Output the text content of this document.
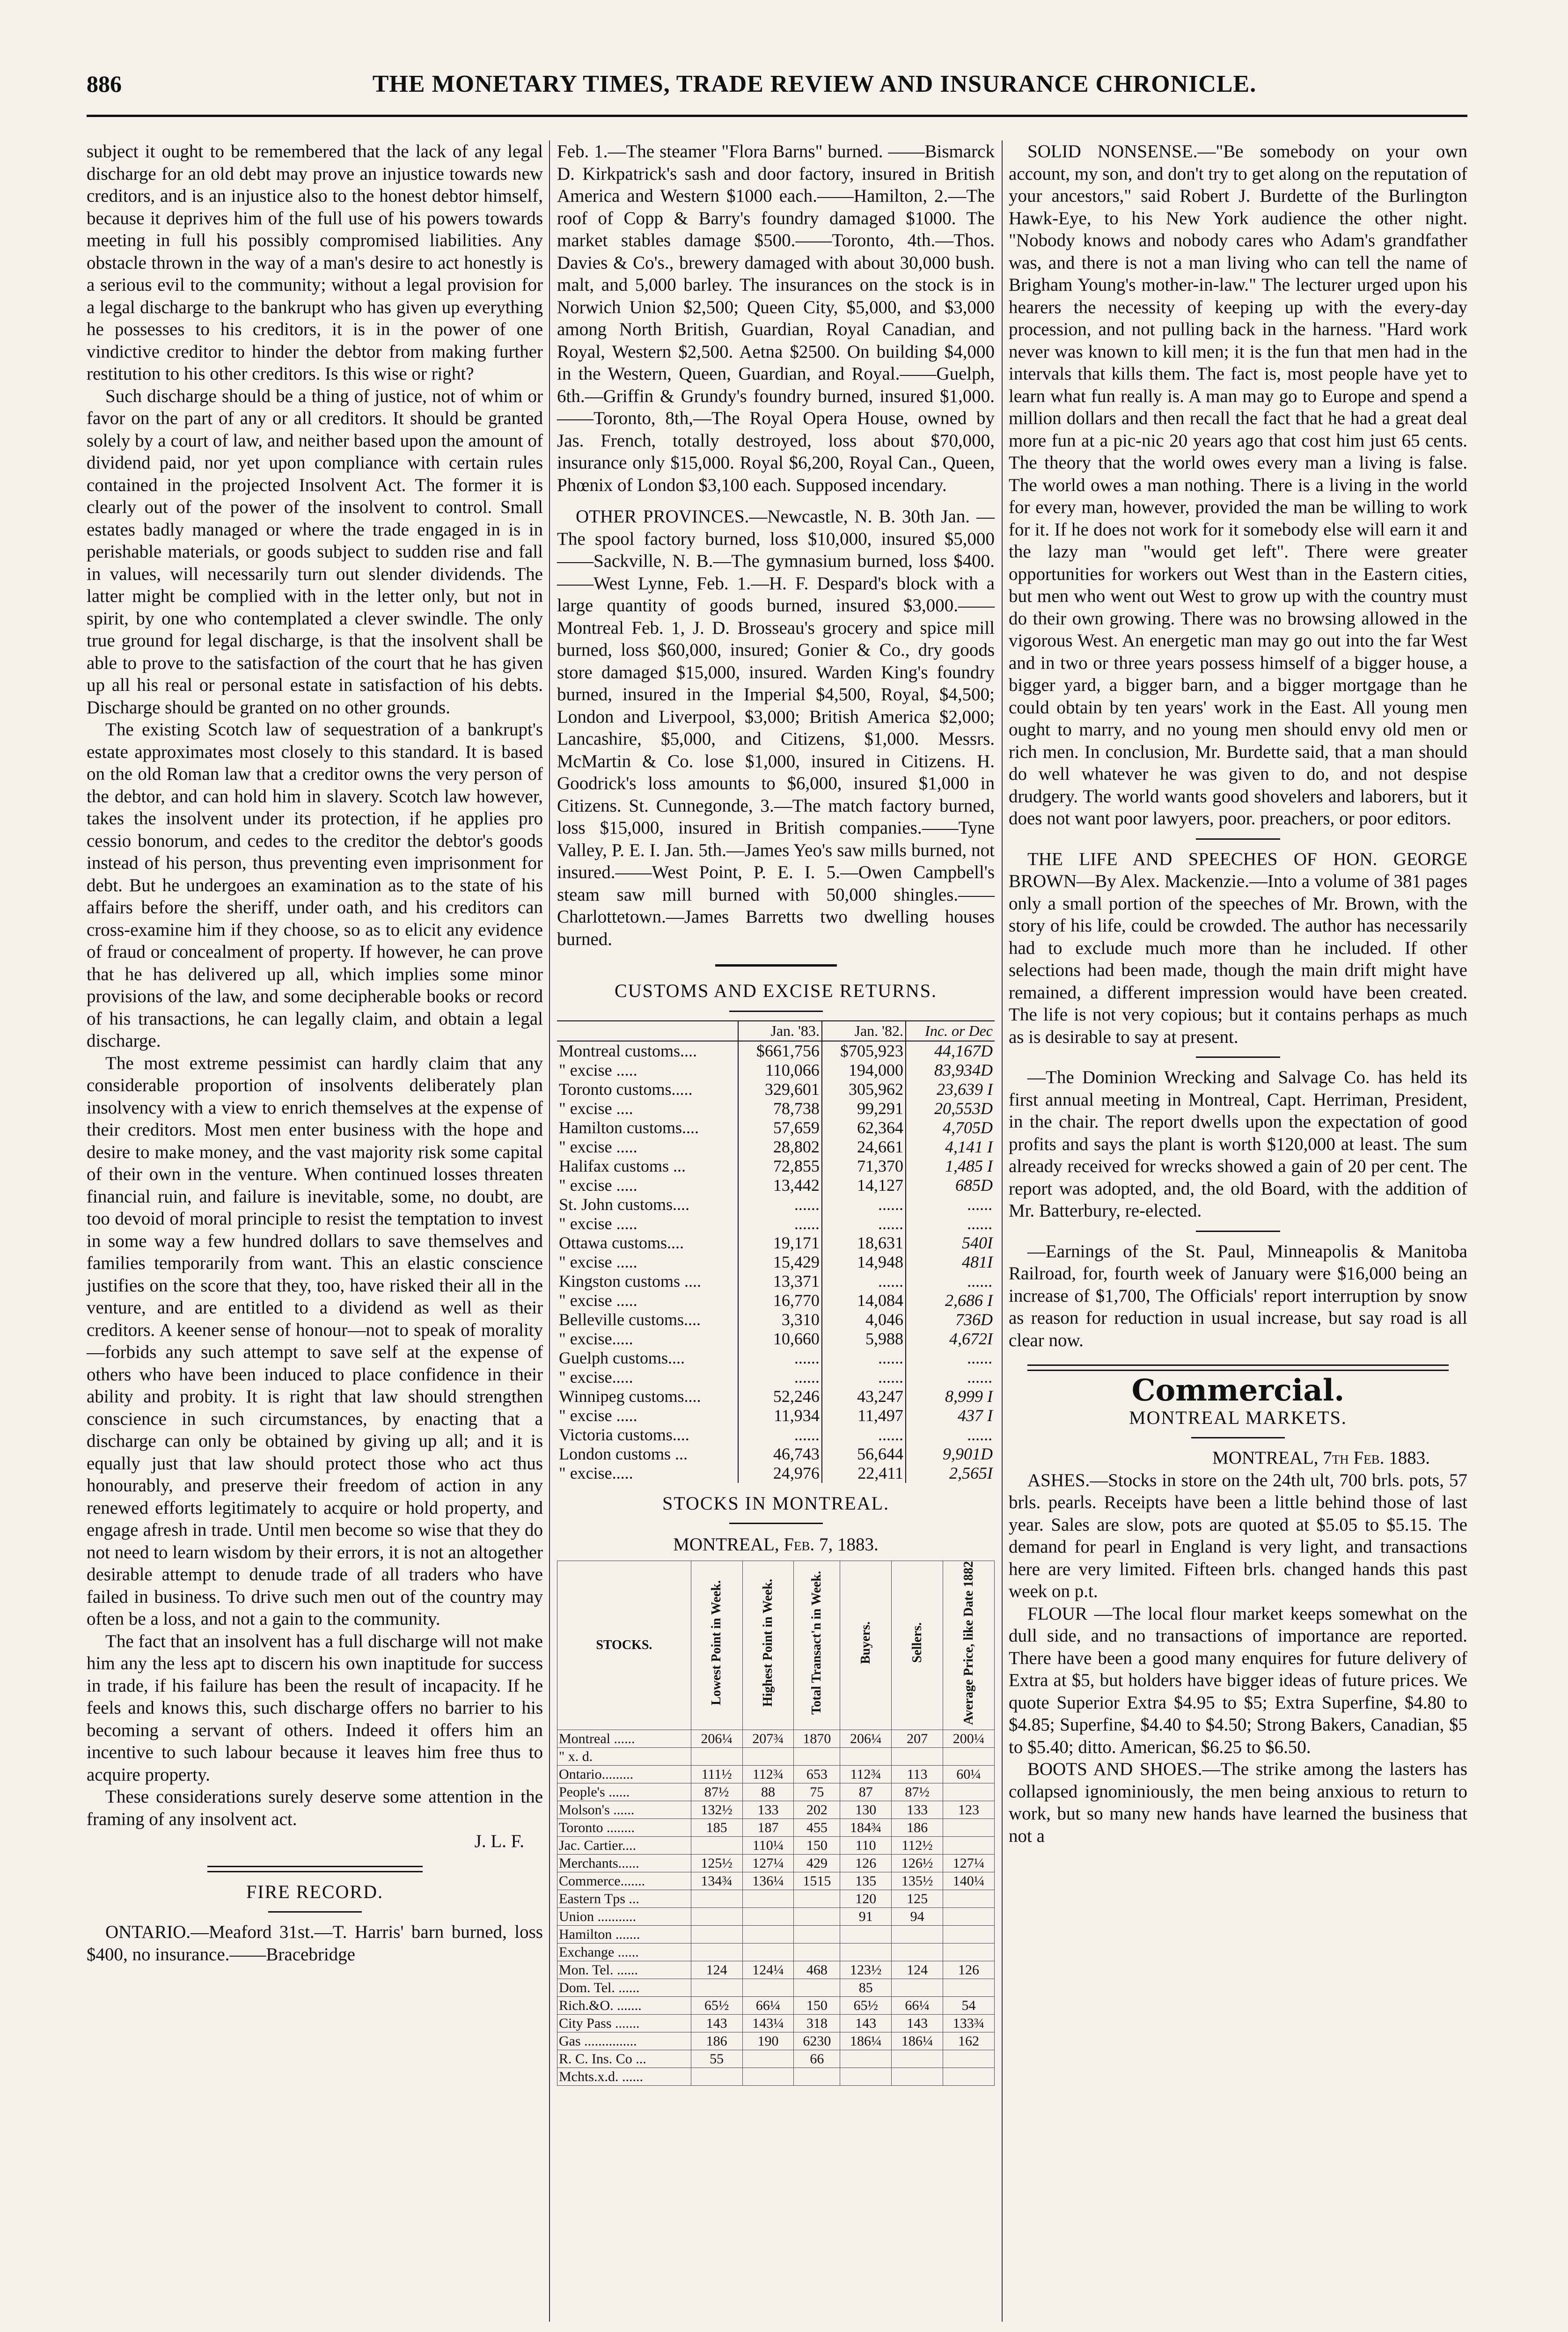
886	THE MONETARY TIMES, TRADE REVIEW AND INSURANCE CHRONICLE.

subject it ought to be remembered that the lack of any legal discharge for an old debt may prove an injustice towards new creditors, and is an injustice also to the honest debtor himself, because it deprives him of the full use of his powers towards meeting in full his possibly compromised liabilities. Any obstacle thrown in the way of a man's desire to act honestly is a serious evil to the community; without a legal provision for a legal discharge to the bankrupt who has given up everything he possesses to his creditors, it is in the power of one vindictive creditor to hinder the debtor from making further restitution to his other creditors. Is this wise or right?

Such discharge should be a thing of justice, not of whim or favor on the part of any or all creditors. It should be granted solely by a court of law, and neither based upon the amount of dividend paid, nor yet upon compliance with certain rules contained in the projected Insolvent Act. The former it is clearly out of the power of the insolvent to control. Small estates badly managed or where the trade engaged in is in perishable materials, or goods subject to sudden rise and fall in values, will necessarily turn out slender dividends. The latter might be complied with in the letter only, but not in spirit, by one who contemplated a clever swindle. The only true ground for legal discharge, is that the insolvent shall be able to prove to the satisfaction of the court that he has given up all his real or personal estate in satisfaction of his debts. Discharge should be granted on no other grounds.

The existing Scotch law of sequestration of a bankrupt's estate approximates most closely to this standard. It is based on the old Roman law that a creditor owns the very person of the debtor, and can hold him in slavery. Scotch law however, takes the insolvent under its protection, if he applies pro cessio bonorum, and cedes to the creditor the debtor's goods instead of his person, thus preventing even imprisonment for debt. But he undergoes an examination as to the state of his affairs before the sheriff, under oath, and his creditors can cross-examine him if they choose, so as to elicit any evidence of fraud or concealment of property. If however, he can prove that he has delivered up all, which implies some minor provisions of the law, and some decipherable books or record of his transactions, he can legally claim, and obtain a legal discharge.

The most extreme pessimist can hardly claim that any considerable proportion of insolvents deliberately plan insolvency with a view to enrich themselves at the expense of their creditors. Most men enter business with the hope and desire to make money, and the vast majority risk some capital of their own in the venture. When continued losses threaten financial ruin, and failure is inevitable, some, no doubt, are too devoid of moral principle to resist the temptation to invest in some way a few hundred dollars to save themselves and families temporarily from want. This an elastic conscience justifies on the score that they, too, have risked their all in the venture, and are entitled to a dividend as well as their creditors. A keener sense of honour—not to speak of morality—forbids any such attempt to save self at the expense of others who have been induced to place confidence in their ability and probity. It is right that law should strengthen conscience in such circumstances, by enacting that a discharge can only be obtained by giving up all; and it is equally just that law should protect those who act thus honourably, and preserve their freedom of action in any renewed efforts legitimately to acquire or hold property, and engage afresh in trade. Until men become so wise that they do not need to learn wisdom by their errors, it is not an altogether desirable attempt to denude trade of all traders who have failed in business. To drive such men out of the country may often be a loss, and not a gain to the community.

The fact that an insolvent has a full discharge will not make him any the less apt to discern his own inaptitude for success in trade, if his failure has been the result of incapacity. If he feels and knows this, such discharge offers no barrier to his becoming a servant of others. Indeed it offers him an incentive to such labour because it leaves him free thus to acquire property.

These considerations surely deserve some attention in the framing of any insolvent act.

J. L. F.
FIRE RECORD.

ONTARIO.—Meaford 31st.—T. Harris' barn burned, loss $400, no insurance.——Bracebridge

Feb. 1.—The steamer "Flora Barns" burned. ——Bismarck D. Kirkpatrick's sash and door factory, insured in British America and Western $1000 each.——Hamilton, 2.—The roof of Copp & Barry's foundry damaged $1000. The market stables damage $500.——Toronto, 4th.—Thos. Davies & Co's., brewery damaged with about 30,000 bush. malt, and 5,000 barley. The insurances on the stock is in Norwich Union $2,500; Queen City, $5,000, and $3,000 among North British, Guardian, Royal Canadian, and Royal, Western $2,500. Aetna $2500. On building $4,000 in the Western, Queen, Guardian, and Royal.——Guelph, 6th.—Griffin & Grundy's foundry burned, insured $1,000.——Toronto, 8th,—The Royal Opera House, owned by Jas. French, totally destroyed, loss about $70,000, insurance only $15,000. Royal $6,200, Royal Can., Queen, Phœnix of London $3,100 each. Supposed incendary.

OTHER PROVINCES.—Newcastle, N. B. 30th Jan. —The spool factory burned, loss $10,000, insured $5,000——Sackville, N. B.—The gymnasium burned, loss $400.——West Lynne, Feb. 1.—H. F. Despard's block with a large quantity of goods burned, insured $3,000.——Montreal Feb. 1, J. D. Brosseau's grocery and spice mill burned, loss $60,000, insured; Gonier & Co., dry goods store damaged $15,000, insured. Warden King's foundry burned, insured in the Imperial $4,500, Royal, $4,500; London and Liverpool, $3,000; British America $2,000; Lancashire, $5,000, and Citizens, $1,000. Messrs. McMartin & Co. lose $1,000, insured in Citizens. H. Goodrick's loss amounts to $6,000, insured $1,000 in Citizens. St. Cunnegonde, 3.—The match factory burned, loss $15,000, insured in British companies.——Tyne Valley, P. E. I. Jan. 5th.—James Yeo's saw mills burned, not insured.——West Point, P. E. I. 5.—Owen Campbell's steam saw mill burned with 50,000 shingles.——Charlottetown.—James Barretts two dwelling houses burned.

CUSTOMS AND EXCISE RETURNS.
	Jan. '83.	Jan. '82.	Inc. or Dec
Montreal customs....	$661,756	$705,923	44,167D
" excise .....	110,066	194,000	83,934D
Toronto customs.....	329,601	305,962	23,639 I
" excise ....	78,738	99,291	20,553D
Hamilton customs....	57,659	62,364	4,705D
" excise .....	28,802	24,661	4,141 I
Halifax customs ...	72,855	71,370	1,485 I
" excise .....	13,442	14,127	685D
St. John customs....	......	......	......
" excise .....	......	......	......
Ottawa customs....	19,171	18,631	540I
" excise .....	15,429	14,948	481I
Kingston customs ....	13,371	......	......
" excise .....	16,770	14,084	2,686 I
Belleville customs....	3,310	4,046	736D
" excise.....	10,660	5,988	4,672I
Guelph customs....	......	......	......
" excise.....	......	......	......
Winnipeg customs....	52,246	43,247	8,999 I
" excise .....	11,934	11,497	437 I
Victoria customs....	......	......	......
London customs ...	46,743	56,644	9,901D
" excise.....	24,976	22,411	2,565I
STOCKS IN MONTREAL.
MONTREAL, Feb. 7, 1883.
STOCKS.	Lowest Point in Week.	Highest Point in Week.	Total Transact'n in Week.	Buyers.	Sellers.	Average Price, like Date 1882
Montreal ......	206¼	207¾	1870	206¼	207	200¼
" x. d.						
Ontario.........	111½	112¾	653	112¾	113	60¼
People's ......	87½	88	75	87	87½	
Molson's ......	132½	133	202	130	133	123
Toronto ........	185	187	455	184¾	186	
Jac. Cartier....		110¼	150	110	112½	
Merchants......	125½	127¼	429	126	126½	127¼
Commerce.......	134¾	136¼	1515	135	135½	140¼
Eastern Tps ...				120	125	
Union ...........				91	94	
Hamilton .......						
Exchange ......						
Mon. Tel. ......	124	124¼	468	123½	124	126
Dom. Tel. ......				85		
Rich.&O. .......	65½	66¼	150	65½	66¼	54
City Pass .......	143	143¼	318	143	143	133¾
Gas ...............	186	190	6230	186¼	186¼	162
R. C. Ins. Co ...	55		66			
Mchts.x.d. ......						

SOLID NONSENSE.—"Be somebody on your own account, my son, and don't try to get along on the reputation of your ancestors," said Robert J. Burdette of the Burlington Hawk-Eye, to his New York audience the other night. "Nobody knows and nobody cares who Adam's grandfather was, and there is not a man living who can tell the name of Brigham Young's mother-in-law." The lecturer urged upon his hearers the necessity of keeping up with the every-day procession, and not pulling back in the harness. "Hard work never was known to kill men; it is the fun that men had in the intervals that kills them. The fact is, most people have yet to learn what fun really is. A man may go to Europe and spend a million dollars and then recall the fact that he had a great deal more fun at a pic-nic 20 years ago that cost him just 65 cents. The theory that the world owes every man a living is false. The world owes a man nothing. There is a living in the world for every man, however, provided the man be willing to work for it. If he does not work for it somebody else will earn it and the lazy man "would get left". There were greater opportunities for workers out West than in the Eastern cities, but men who went out West to grow up with the country must do their own growing. There was no browsing allowed in the vigorous West. An energetic man may go out into the far West and in two or three years possess himself of a bigger house, a bigger yard, a bigger barn, and a bigger mortgage than he could obtain by ten years' work in the East. All young men ought to marry, and no young men should envy old men or rich men. In conclusion, Mr. Burdette said, that a man should do well whatever he was given to do, and not despise drudgery. The world wants good shovelers and laborers, but it does not want poor lawyers, poor. preachers, or poor editors.

THE LIFE AND SPEECHES OF HON. GEORGE BROWN—By Alex. Mackenzie.—Into a volume of 381 pages only a small portion of the speeches of Mr. Brown, with the story of his life, could be crowded. The author has necessarily had to exclude much more than he included. If other selections had been made, though the main drift might have remained, a different impression would have been created. The life is not very copious; but it contains perhaps as much as is desirable to say at present.

—The Dominion Wrecking and Salvage Co. has held its first annual meeting in Montreal, Capt. Herriman, President, in the chair. The report dwells upon the expectation of good profits and says the plant is worth $120,000 at least. The sum already received for wrecks showed a gain of 20 per cent. The report was adopted, and, the old Board, with the addition of Mr. Batterbury, re-elected.

—Earnings of the St. Paul, Minneapolis & Manitoba Railroad, for, fourth week of January were $16,000 being an increase of $1,700, The Officials' report interruption by snow as reason for reduction in usual increase, but say road is all clear now.

Commercial.
MONTREAL MARKETS.
MONTREAL, 7th Feb. 1883.

ASHES.—Stocks in store on the 24th ult, 700 brls. pots, 57 brls. pearls. Receipts have been a little behind those of last year. Sales are slow, pots are quoted at $5.05 to $5.15. The demand for pearl in England is very light, and transactions here are very limited. Fifteen brls. changed hands this past week on p.t.

FLOUR —The local flour market keeps somewhat on the dull side, and no transactions of importance are reported. There have been a good many enquires for future delivery of Extra at $5, but holders have bigger ideas of future prices. We quote Superior Extra $4.95 to $5; Extra Superfine, $4.80 to $4.85; Superfine, $4.40 to $4.50; Strong Bakers, Canadian, $5 to $5.40; ditto. American, $6.25 to $6.50.

BOOTS AND SHOES.—The strike among the lasters has collapsed ignominiously, the men being anxious to return to work, but so many new hands have learned the business that not a
